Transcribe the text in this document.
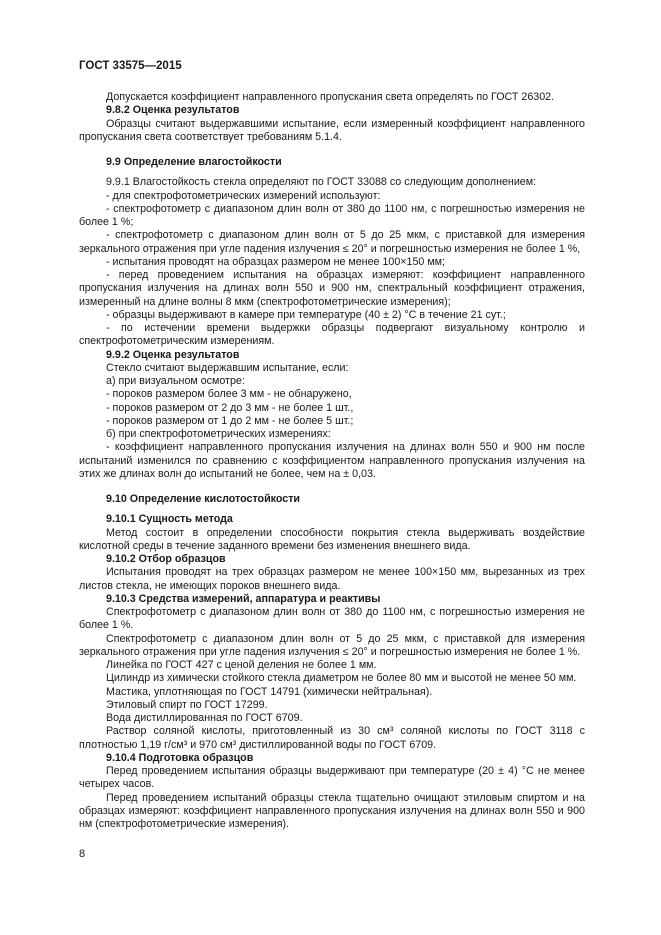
ГОСТ 33575—2015

Допускается коэффициент направленного пропускания света определять по ГОСТ 26302.

9.8.2 Оценка результатов

Образцы считают выдержавшими испытание, если измеренный коэффициент направленного пропускания света соответствует требованиям 5.1.4.

9.9 Определение влагостойкости

9.9.1 Влагостойкость стекла определяют по ГОСТ 33088 со следующим дополнением:

- для спектрофотометрических измерений используют:

- спектрофотометр с диапазоном длин волн от 380 до 1100 нм, с погрешностью измерения не более 1 %;

- спектрофотометр с диапазоном длин волн от 5 до 25 мкм, с приставкой для измерения зеркального отражения при угле падения излучения ≤ 20° и погрешностью измерения не более 1 %,

- испытания проводят на образцах размером не менее 100×150 мм;

- перед проведением испытания на образцах измеряют: коэффициент направленного пропускания излучения на длинах волн 550 и 900 нм, спектральный коэффициент отражения, измеренный на длине волны 8 мкм (спектрофотометрические измерения);

- образцы выдерживают в камере при температуре (40 ± 2) °С в течение 21 сут.;

- по истечении времени выдержки образцы подвергают визуальному контролю и спектрофотометрическим измерениям.

9.9.2 Оценка результатов

Стекло считают выдержавшим испытание, если:

а) при визуальном осмотре:

- пороков размером более 3 мм - не обнаружено,

- пороков размером от 2 до 3 мм - не более 1 шт.,

- пороков размером от 1 до 2 мм - не более 5 шт.;

б) при спектрофотометрических измерениях:

- коэффициент направленного пропускания излучения на длинах волн 550 и 900 нм после испытаний изменился по сравнению с коэффициентом направленного пропускания излучения на этих же длинах волн до испытаний не более, чем на ± 0,03.

9.10 Определение кислотостойкости

9.10.1 Сущность метода

Метод состоит в определении способности покрытия стекла выдерживать воздействие кислотной среды в течение заданного времени без изменения внешнего вида.

9.10.2 Отбор образцов

Испытания проводят на трех образцах размером не менее 100×150 мм, вырезанных из трех листов стекла, не имеющих пороков внешнего вида.

9.10.3 Средства измерений, аппаратура и реактивы

Спектрофотометр с диапазоном длин волн от 380 до 1100 нм, с погрешностью измерения не более 1 %.

Спектрофотометр с диапазоном длин волн от 5 до 25 мкм, с приставкой для измерения зеркального отражения при угле падения излучения ≤ 20° и погрешностью измерения не более 1 %.

Линейка по ГОСТ 427 с ценой деления не более 1 мм.

Цилиндр из химически стойкого стекла диаметром не более 80 мм и высотой не менее 50 мм.

Мастика, уплотняющая по ГОСТ 14791 (химически нейтральная).

Этиловый спирт по ГОСТ 17299.

Вода дистиллированная по ГОСТ 6709.

Раствор соляной кислоты, приготовленный из 30 см³ соляной кислоты по ГОСТ 3118 с плотностью 1,19 г/см³ и 970 см³ дистиллированной воды по ГОСТ 6709.

9.10.4 Подготовка образцов

Перед проведением испытания образцы выдерживают при температуре (20 ± 4) °С не менее четырех часов.

Перед проведением испытаний образцы стекла тщательно очищают этиловым спиртом и на образцах измеряют: коэффициент направленного пропускания излучения на длинах волн 550 и 900 нм (спектрофотометрические измерения).

8
